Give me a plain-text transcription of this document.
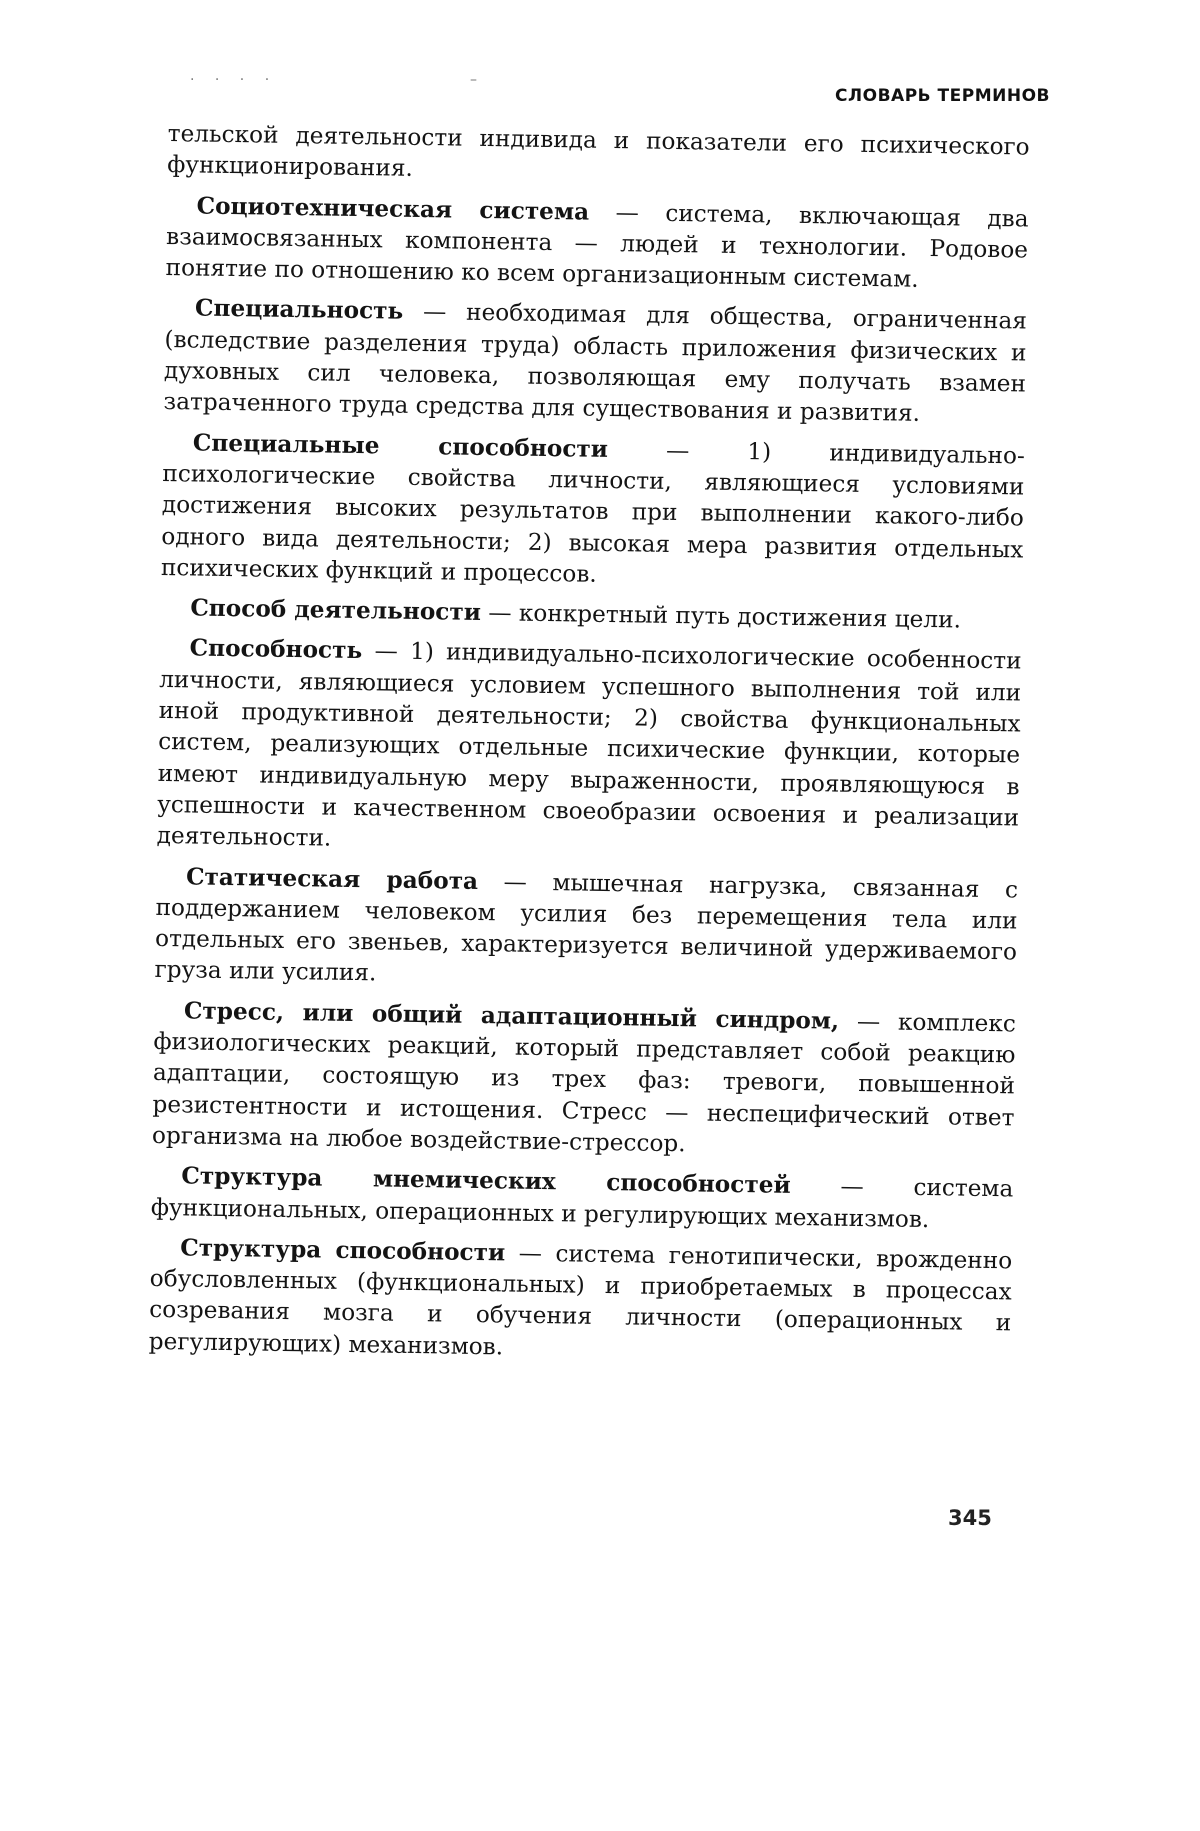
· · · ·	–
СЛОВАРЬ ТЕРМИНОВ

тельской деятельности индивида и показатели его психического функционирования.

Социотехническая система — система, включающая два взаимосвязанных компонента — людей и технологии. Родовое понятие по отношению ко всем организационным системам.

Специальность — необходимая для общества, ограниченная (вследствие разделения труда) область приложения физических и духовных сил человека, позволяющая ему получать взамен затраченного труда средства для существования и развития.

Специальные способности — 1) индивидуально-психологические свойства личности, являющиеся условиями достижения высоких результатов при выполнении какого-либо одного вида деятельности; 2) высокая мера развития отдельных психических функций и процессов.

Способ деятельности — конкретный путь достижения цели.

Способность — 1) индивидуально-психологические особенности личности, являющиеся условием успешного выполнения той или иной продуктивной деятельности; 2) свойства функциональных систем, реализующих отдельные психические функции, которые имеют индивидуальную меру выраженности, проявляющуюся в успешности и качественном своеобразии освоения и реализации деятельности.

Статическая работа — мышечная нагрузка, связанная с поддержанием человеком усилия без перемещения тела или отдельных его звеньев, характеризуется величиной удерживаемого груза или усилия.

Стресс, или общий адаптационный синдром, — комплекс физиологических реакций, который представляет собой реакцию адаптации, состоящую из трех фаз: тревоги, повышенной резистентности и истощения. Стресс — неспецифический ответ организма на любое воздействие-стрессор.

Структура мнемических способностей — система функциональных, операционных и регулирующих механизмов.

Структура способности — система генотипически, врожденно обусловленных (функциональных) и приобретаемых в процессах созревания мозга и обучения личности (операционных и регулирующих) механизмов.

345
